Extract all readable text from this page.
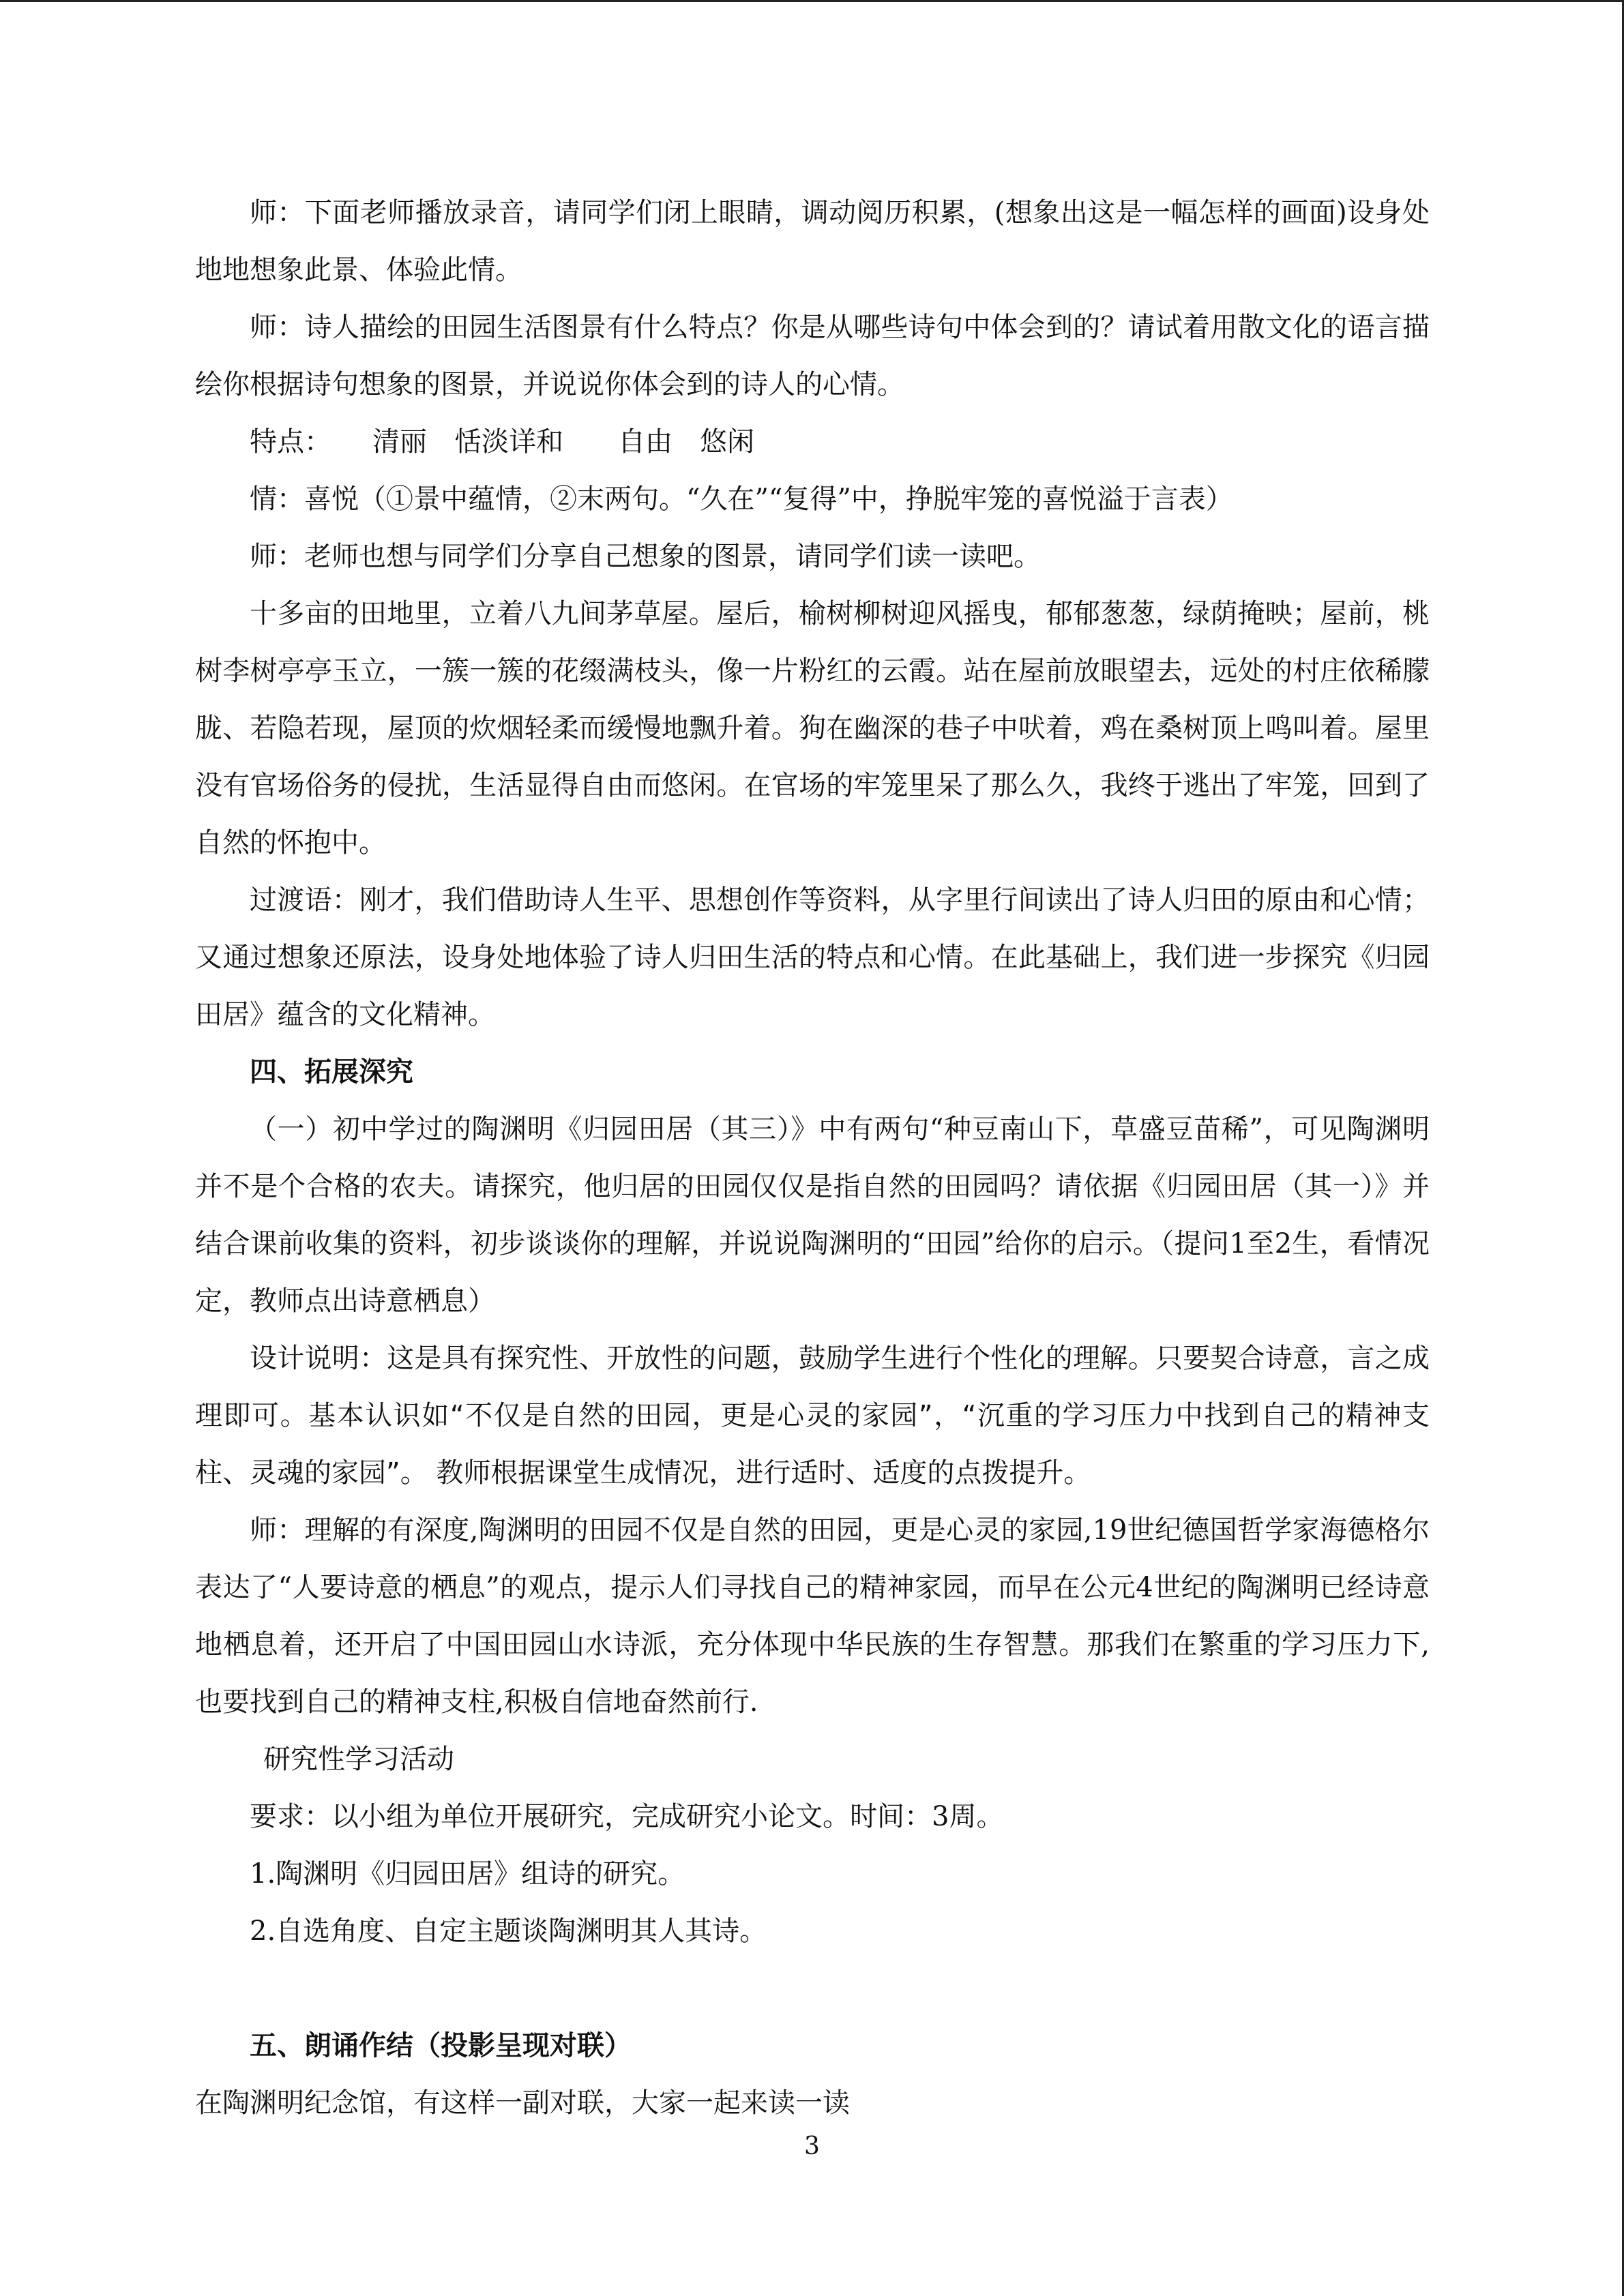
师：下面老师播放录音，请同学们闭上眼睛，调动阅历积累，(想象出这是一幅怎样的画面)设身处地地想象此景、体验此情。

师：诗人描绘的田园生活图景有什么特点？你是从哪些诗句中体会到的？请试着用散文化的语言描绘你根据诗句想象的图景，并说说你体会到的诗人的心情。

特点：　　清丽　恬淡详和　　自由　悠闲

情：喜悦（①景中蕴情，②末两句。“久在”“复得”中，挣脱牢笼的喜悦溢于言表）

师：老师也想与同学们分享自己想象的图景，请同学们读一读吧。

十多亩的田地里，立着八九间茅草屋。屋后，榆树柳树迎风摇曳，郁郁葱葱，绿荫掩映；屋前，桃树李树亭亭玉立，一簇一簇的花缀满枝头，像一片粉红的云霞。站在屋前放眼望去，远处的村庄依稀朦胧、若隐若现，屋顶的炊烟轻柔而缓慢地飘升着。狗在幽深的巷子中吠着，鸡在桑树顶上鸣叫着。屋里没有官场俗务的侵扰，生活显得自由而悠闲。在官场的牢笼里呆了那么久，我终于逃出了牢笼，回到了自然的怀抱中。

过渡语：刚才，我们借助诗人生平、思想创作等资料，从字里行间读出了诗人归田的原由和心情；又通过想象还原法，设身处地体验了诗人归田生活的特点和心情。在此基础上，我们进一步探究《归园田居》蕴含的文化精神。

四、拓展深究

（一）初中学过的陶渊明《归园田居（其三）》中有两句“种豆南山下，草盛豆苗稀”，可见陶渊明并不是个合格的农夫。请探究，他归居的田园仅仅是指自然的田园吗？请依据《归园田居（其一）》并结合课前收集的资料，初步谈谈你的理解，并说说陶渊明的“田园”给你的启示。（提问1至2生，看情况定，教师点出诗意栖息）

设计说明：这是具有探究性、开放性的问题，鼓励学生进行个性化的理解。只要契合诗意，言之成理即可。基本认识如“不仅是自然的田园，更是心灵的家园”，“沉重的学习压力中找到自己的精神支柱、灵魂的家园”。 教师根据课堂生成情况，进行适时、适度的点拨提升。

师：理解的有深度,陶渊明的田园不仅是自然的田园，更是心灵的家园,19世纪德国哲学家海德格尔表达了“人要诗意的栖息”的观点，提示人们寻找自己的精神家园，而早在公元4世纪的陶渊明已经诗意地栖息着，还开启了中国田园山水诗派，充分体现中华民族的生存智慧。那我们在繁重的学习压力下,也要找到自己的精神支柱,积极自信地奋然前行.

研究性学习活动

要求：以小组为单位开展研究，完成研究小论文。时间：3周。

1.陶渊明《归园田居》组诗的研究。

2.自选角度、自定主题谈陶渊明其人其诗。

五、朗诵作结（投影呈现对联）

在陶渊明纪念馆，有这样一副对联，大家一起来读一读

3
